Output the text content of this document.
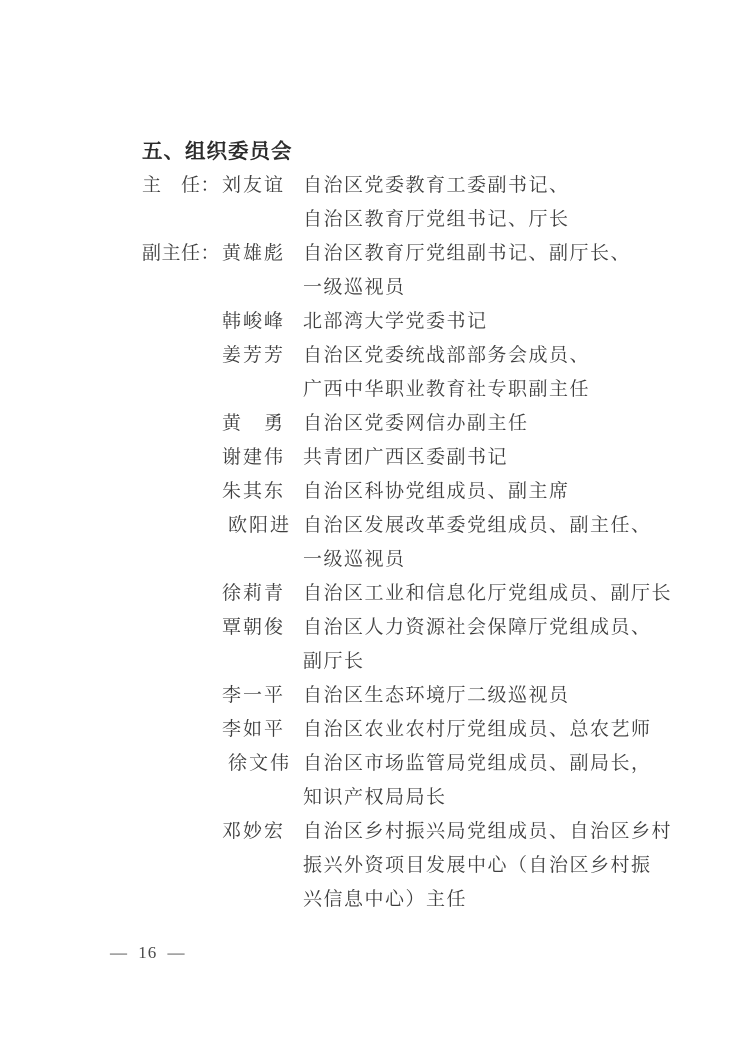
五、组织委员会
主　任： 刘友谊 自治区党委教育工委副书记、
自治区教育厅党组书记、厅长
副主任： 黄雄彪 自治区教育厅党组副书记、副厅长、
一级巡视员
韩峻峰 北部湾大学党委书记
姜芳芳 自治区党委统战部部务会成员、
广西中华职业教育社专职副主任
黄　勇 自治区党委网信办副主任
谢建伟 共青团广西区委副书记
朱其东 自治区科协党组成员、副主席
欧阳进 自治区发展改革委党组成员、副主任、
一级巡视员
徐莉青 自治区工业和信息化厅党组成员、副厅长
覃朝俊 自治区人力资源社会保障厅党组成员、
副厅长
李一平 自治区生态环境厅二级巡视员
李如平 自治区农业农村厅党组成员、总农艺师
徐文伟 自治区市场监管局党组成员、副局长，
知识产权局局长
邓妙宏 自治区乡村振兴局党组成员、自治区乡村
振兴外资项目发展中心（自治区乡村振
兴信息中心）主任
— 16 —
